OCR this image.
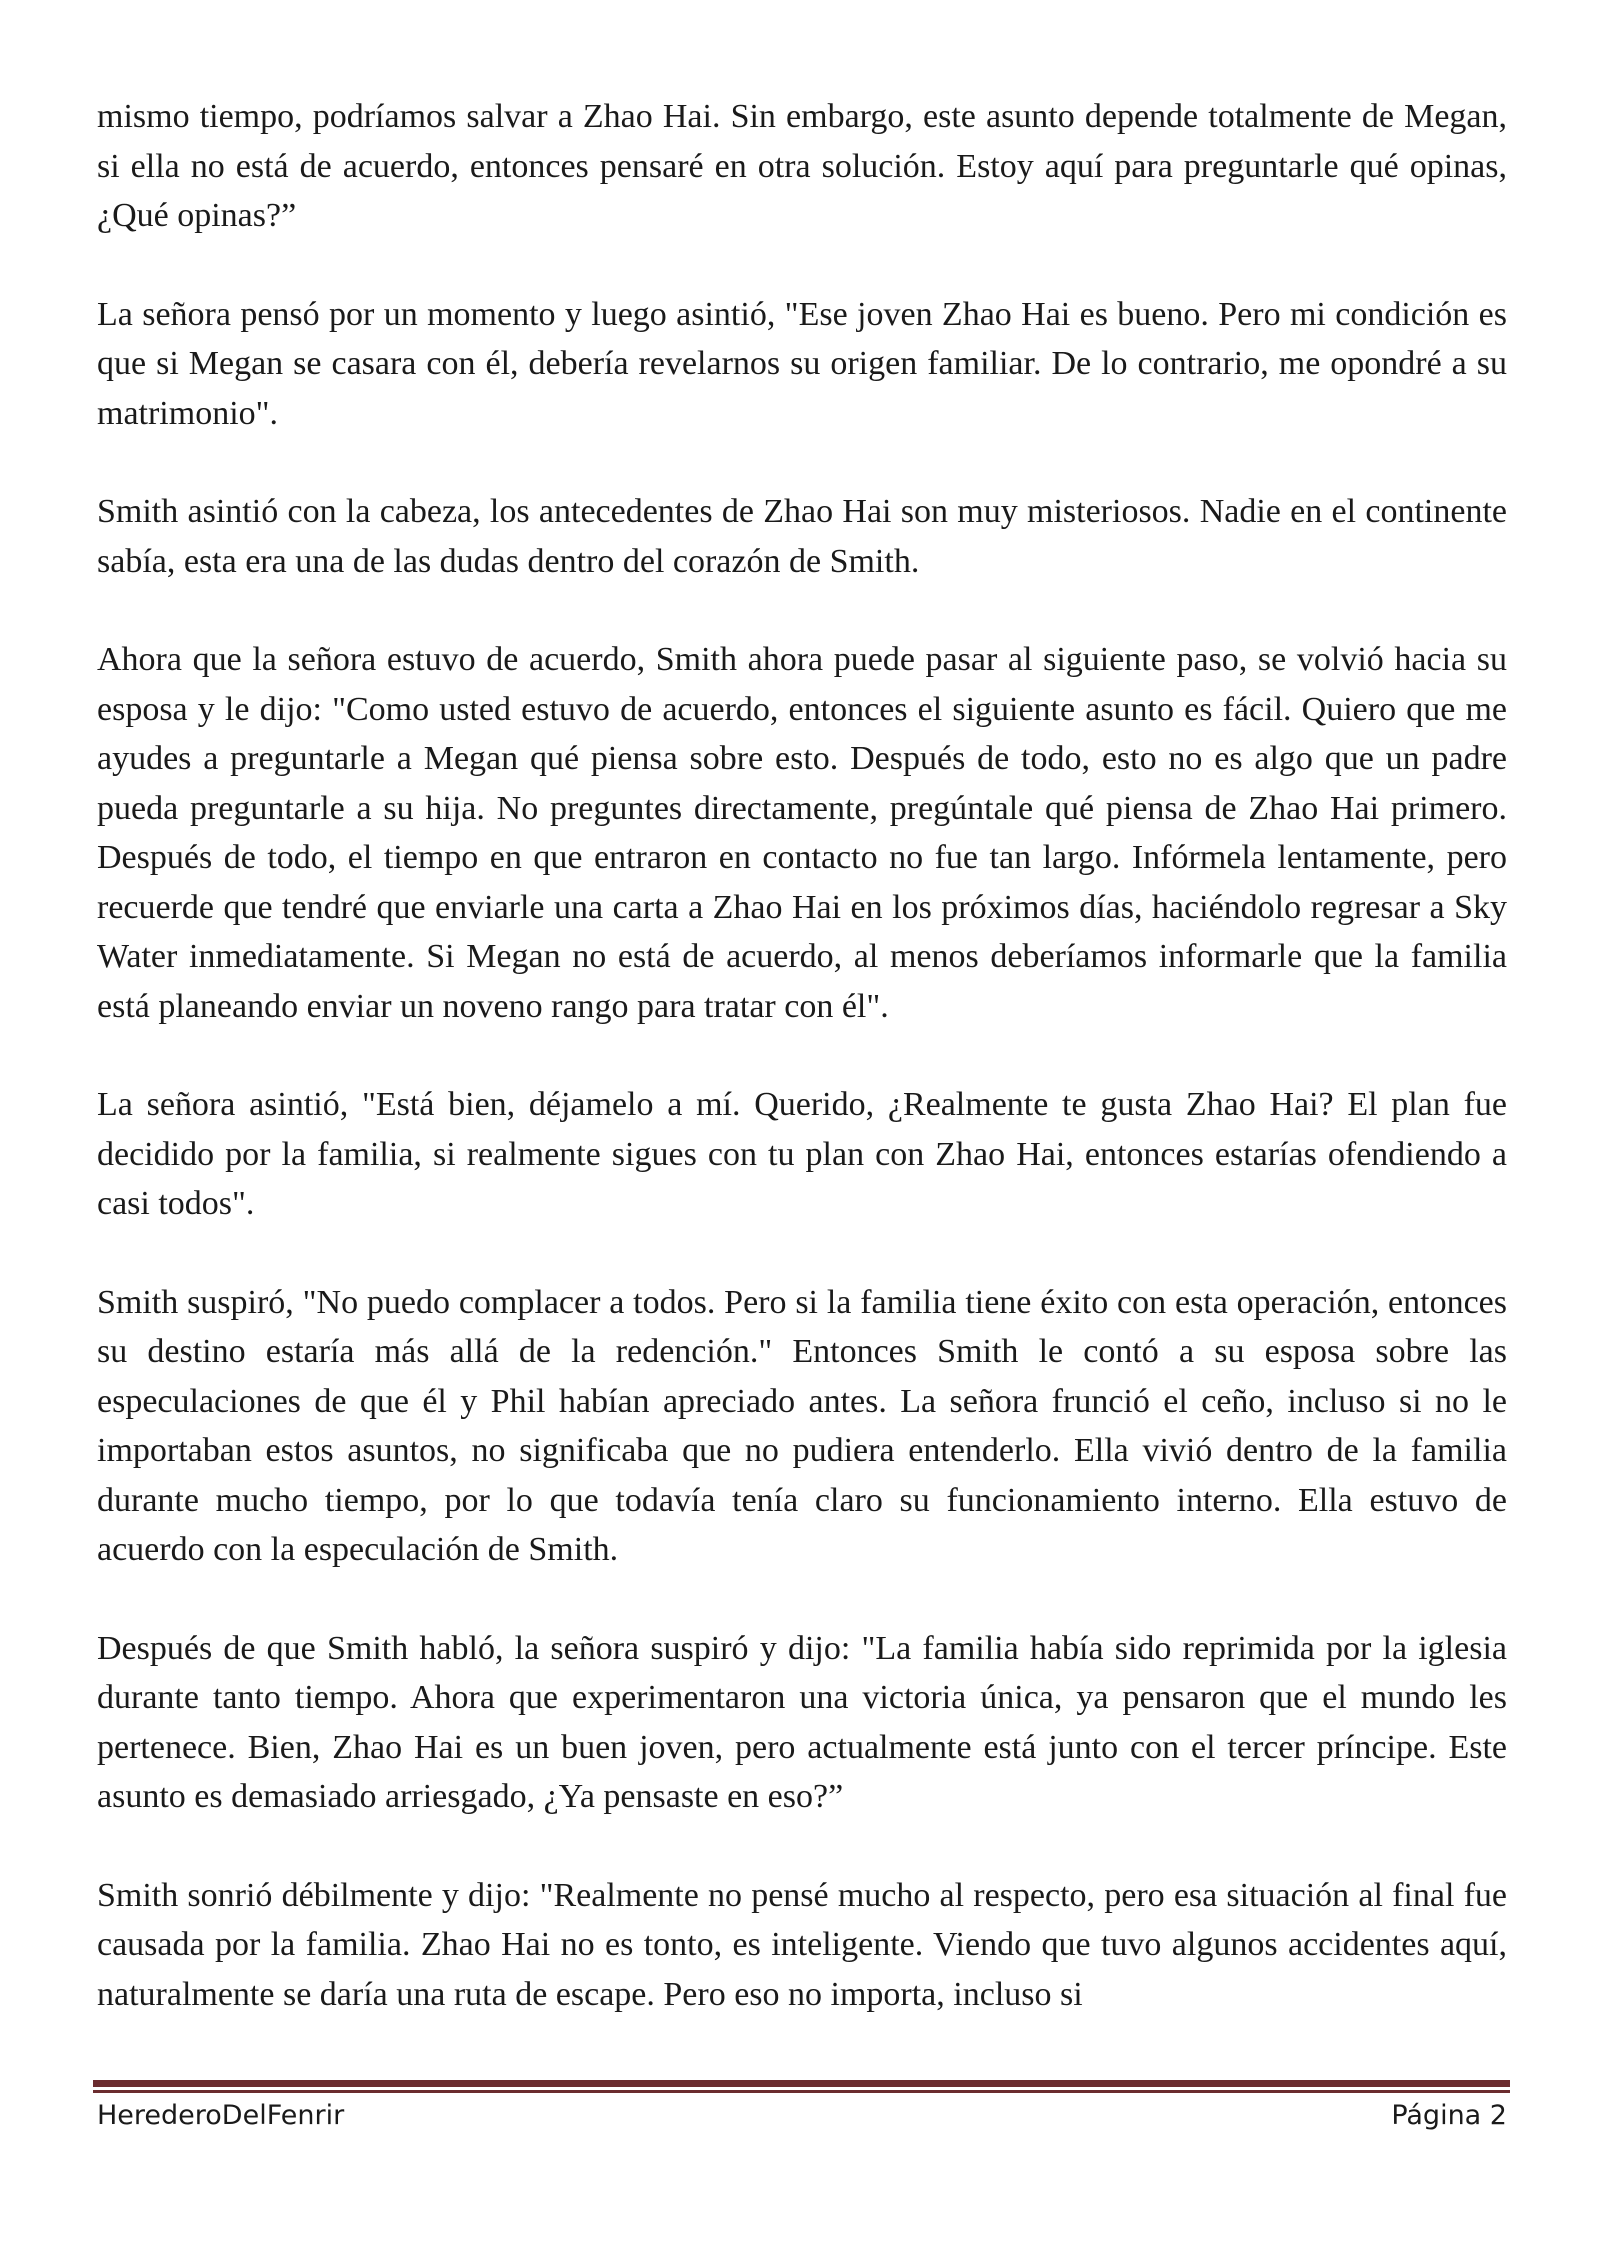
mismo tiempo, podríamos salvar a Zhao Hai. Sin embargo, este asunto depende totalmente de Megan, si ella no está de acuerdo, entonces pensaré en otra solución. Estoy aquí para preguntarle qué opinas, ¿Qué opinas?”

La señora pensó por un momento y luego asintió, "Ese joven Zhao Hai es bueno. Pero mi condición es que si Megan se casara con él, debería revelarnos su origen familiar. De lo contrario, me opondré a su matrimonio".

Smith asintió con la cabeza, los antecedentes de Zhao Hai son muy misteriosos. Nadie en el continente sabía, esta era una de las dudas dentro del corazón de Smith.

Ahora que la señora estuvo de acuerdo, Smith ahora puede pasar al siguiente paso, se volvió hacia su esposa y le dijo: "Como usted estuvo de acuerdo, entonces el siguiente asunto es fácil. Quiero que me ayudes a preguntarle a Megan qué piensa sobre esto. Después de todo, esto no es algo que un padre pueda preguntarle a su hija. No preguntes directamente, pregúntale qué piensa de Zhao Hai primero. Después de todo, el tiempo en que entraron en contacto no fue tan largo. Infórmela lentamente, pero recuerde que tendré que enviarle una carta a Zhao Hai en los próximos días, haciéndolo regresar a Sky Water inmediatamente. Si Megan no está de acuerdo, al menos deberíamos informarle que la familia está planeando enviar un noveno rango para tratar con él".

La señora asintió, "Está bien, déjamelo a mí. Querido, ¿Realmente te gusta Zhao Hai? El plan fue decidido por la familia, si realmente sigues con tu plan con Zhao Hai, entonces estarías ofendiendo a casi todos".

Smith suspiró, "No puedo complacer a todos. Pero si la familia tiene éxito con esta operación, entonces su destino estaría más allá de la redención." Entonces Smith le contó a su esposa sobre las especulaciones de que él y Phil habían apreciado antes. La señora frunció el ceño, incluso si no le importaban estos asuntos, no significaba que no pudiera entenderlo. Ella vivió dentro de la familia durante mucho tiempo, por lo que todavía tenía claro su funcionamiento interno. Ella estuvo de acuerdo con la especulación de Smith.

Después de que Smith habló, la señora suspiró y dijo: "La familia había sido reprimida por la iglesia durante tanto tiempo. Ahora que experimentaron una victoria única, ya pensaron que el mundo les pertenece. Bien, Zhao Hai es un buen joven, pero actualmente está junto con el tercer príncipe. Este asunto es demasiado arriesgado, ¿Ya pensaste en eso?”

Smith sonrió débilmente y dijo: "Realmente no pensé mucho al respecto, pero esa situación al final fue causada por la familia. Zhao Hai no es tonto, es inteligente. Viendo que tuvo algunos accidentes aquí, naturalmente se daría una ruta de escape. Pero eso no importa, incluso si

HerederoDelFenrir	Página 2
